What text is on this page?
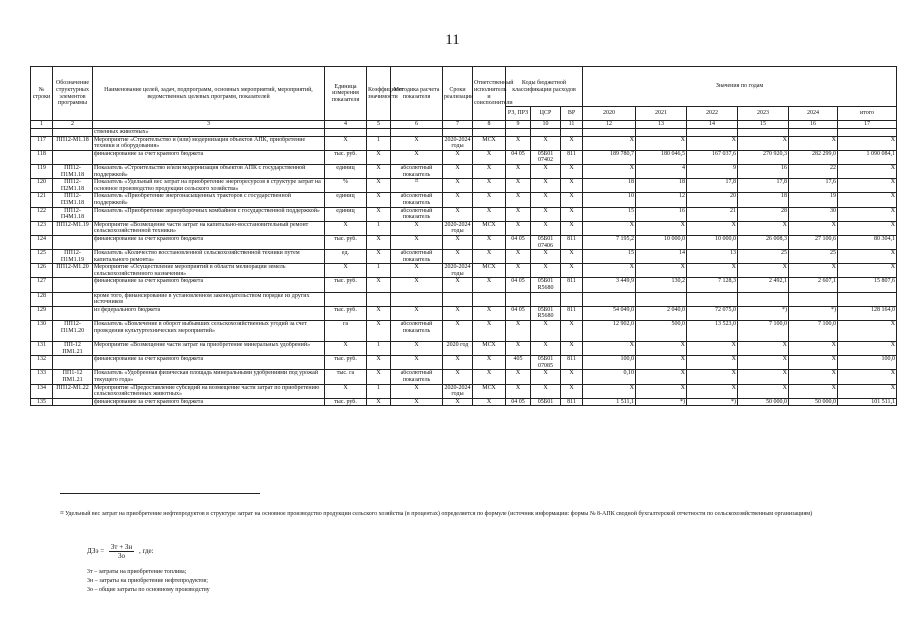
11
№ строки	Обозначение структурных элементов программы	Наименование целей, задач, подпрограмм, основных мероприятий, мероприятий, ведомственных целевых программ, показателей	Единица измерения показателя	Коэффициент значимости	Методика расчета показателя	Сроки реализации	Ответственный исполнитель и соисполнители	Коды бюджетной классификации расходов			Значения по годам					
								РЗ, ПРЗ	ЦСР	ВР	2020	2021	2022	2023	2024	итого
1	2	3	4	5	6	7	8	9	10	11	12	13	14	15	16	17
		ственных животных»														
117	ПП12-М1.18	Мероприятие «Строительство и (или) модернизация объектов АПК, приобретение техники и оборудования»	X	1	X	2020-2024 годы	МСХ	X	X	X	X	X	X	X	X	X
118		финансирование за счет краевого бюджета	тыс. руб.	X	X	X	X	04 05	05Б01 07402	811	189 780,7	180 046,5	167 037,6	270 920,3	282 299,0	1 090 084,1
119	ПП12-П1М1.18	Показатель «Строительство и/или модернизация объектов АПК с государственной поддержкой»	единиц	X	абсолютный показатель	X	X	X	X	X	X	4	9	16	22	X
120	ПП12-П2М1.18	Показатель «Удельный вес затрат на приобретение энергоресурсов в структуре затрат на основное производство продукции сельского хозяйства»	%	X	²²	X	X	X	X	X	18	18	17,8	17,8	17,6	X
121	ПП12-П3М1.18	Показатель «Приобретение энергонасыщенных тракторов с государственной поддержкой»	единиц	X	абсолютный показатель	X	X	X	X	X	10	12	20	18	19	X
122	ПП12-П4М1.18	Показатель «Приобретение зерноуборочных комбайнов с государственной поддержкой»	единиц	X	абсолютный показатель	X	X	X	X	X	15	16	21	28	30	X
123	ПП12-М1.19	Мероприятие «Возмещение части затрат на капитально-восстановительный ремонт сельскохозяйственной техники»	X	1	X	2020-2024 годы	МСХ	X	X	X	X	X	X	X	X	X
124		финансирование за счет краевого бюджета	тыс. руб.	X	X	X	X	04 05	05Б01 07406	811	7 195,2	10 000,0	10 000,0	26 008,3	27 100,6	80 304,1
125	ПП12-П1М1.19	Показатель «Количество восстановленной сельскохозяйственной техники путем капитального ремонта»	ед.	X	абсолютный показатель	X	X	X	X	X	15	14	13	25	25	X
126	ПП12-М1.20	Мероприятие «Осуществление мероприятий в области мелиорации земель сельскохозяйственного назначения»	X	1	X	2020-2024 годы	МСХ	X	X	X	X	X	X	X	X	X
127		финансирование за счет краевого бюджета	тыс. руб.	X	X	X	X	04 05	05Б01 R5680	811	3 449,9	130,2	7 128,3	2 492,1	2 607,1	15 807,6
128		кроме того, финансирование в установленном законодательством порядке из других источников														
129		из федерального бюджета	тыс. руб.	X	X	X	X	04 05	05Б01 R5680	811	54 049,0	2 040,0	72 075,0	*)	*)	128 164,0
130	ПП12-П1М1.20	Показатель «Вовлечение в оборот выбывших сельскохозяйственных угодий за счет проведения культуртехнических мероприятий»	га	X	абсолютный показатель	X	X	X	X	X	12 902,0	500,0	13 523,0	7 100,0	7 100,0	X
131	ПП-12 ПМ1.21	Мероприятие «Возмещение части затрат на приобретение минеральных удобрений»	X	1	X	2020 год	МСХ	X	X	X	X	X	X	X	X	X
132		финансирование за счет краевого бюджета	тыс. руб.	X	X	X	X	405	05Б01 07085	811	100,0	X	X	X	X	100,0
133	ПП1-12 ПМ1.21	Показатель «Удобренная физическая площадь минеральными удобрениями под урожай текущего года»	тыс. га	X	абсолютный показатель	X	X	X	X	X	0,10	X	X	X	X	X
134	ПП12-М1.22	Мероприятие «Предоставление субсидий на возмещение части затрат по приобретению сельскохозяйственных животных»	X	1	X	2020-2024 годы	МСХ	X	X	X	X	X	X	X	X	X
135		финансирование за счет краевого бюджета	тыс. руб.	X	X	X	X	04 05	05Б01	811	1 511,1	*)	*)	50 000,0	50 000,0	101 511,1
²² Удельный вес затрат на приобретение нефтепродуктов в структуре затрат на основное производство продукции сельского хозяйства (в процентах) определяется по формуле (источник информации: формы № 8-АПК сводной бухгалтерской отчетности по сельскохозяйственным организациям)
ДЗэ = $\frac{3т + 3н}{3о}$ , где:
3т – затраты на приобретение топлива;
3н – затраты на приобретение нефтепродуктов;
3о – общие затраты по основному производству
